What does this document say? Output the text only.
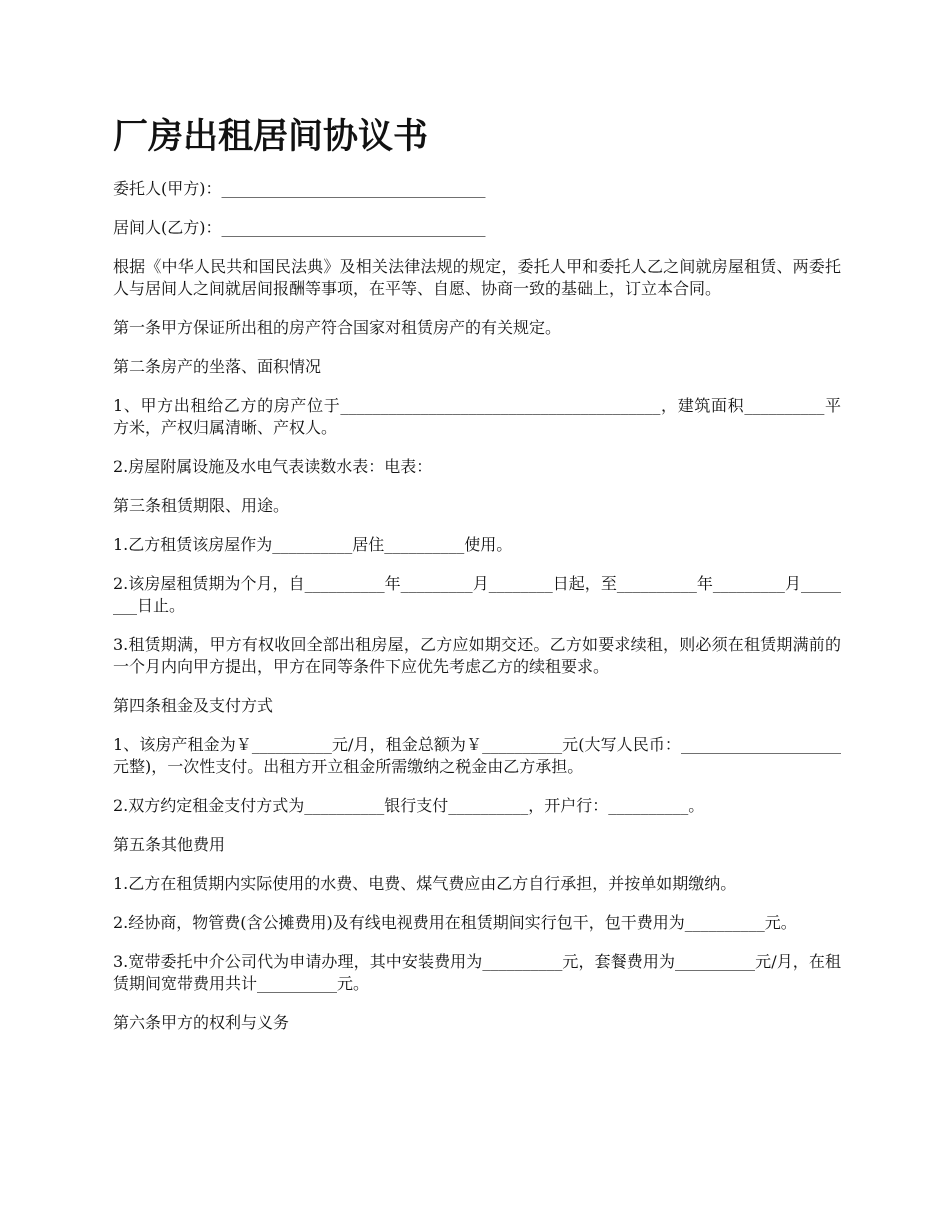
厂房出租居间协议书

委托人(甲方)：_________________________________

居间人(乙方)：_________________________________

根据《中华人民共和国民法典》及相关法律法规的规定，委托人甲和委托人乙之间就房屋租赁、两委托人与居间人之间就居间报酬等事项，在平等、自愿、协商一致的基础上，订立本合同。

第一条甲方保证所出租的房产符合国家对租赁房产的有关规定。

第二条房产的坐落、面积情况

1、甲方出租给乙方的房产位于________________________________________，建筑面积__________平方米，产权归属清晰、产权人。

2.房屋附属设施及水电气表读数水表：电表：

第三条租赁期限、用途。

1.乙方租赁该房屋作为__________居住__________使用。

2.该房屋租赁期为个月，自__________年_________月________日起，至__________年_________月________日止。

3.租赁期满，甲方有权收回全部出租房屋，乙方应如期交还。乙方如要求续租，则必须在租赁期满前的一个月内向甲方提出，甲方在同等条件下应优先考虑乙方的续租要求。

第四条租金及支付方式

1、该房产租金为￥__________元/月，租金总额为￥__________元(大写人民币：____________________元整)，一次性支付。出租方开立租金所需缴纳之税金由乙方承担。

2.双方约定租金支付方式为__________银行支付__________，开户行：__________。

第五条其他费用

1.乙方在租赁期内实际使用的水费、电费、煤气费应由乙方自行承担，并按单如期缴纳。

2.经协商，物管费(含公摊费用)及有线电视费用在租赁期间实行包干，包干费用为__________元。

3.宽带委托中介公司代为申请办理，其中安装费用为__________元，套餐费用为__________元/月，在租赁期间宽带费用共计__________元。

第六条甲方的权利与义务
